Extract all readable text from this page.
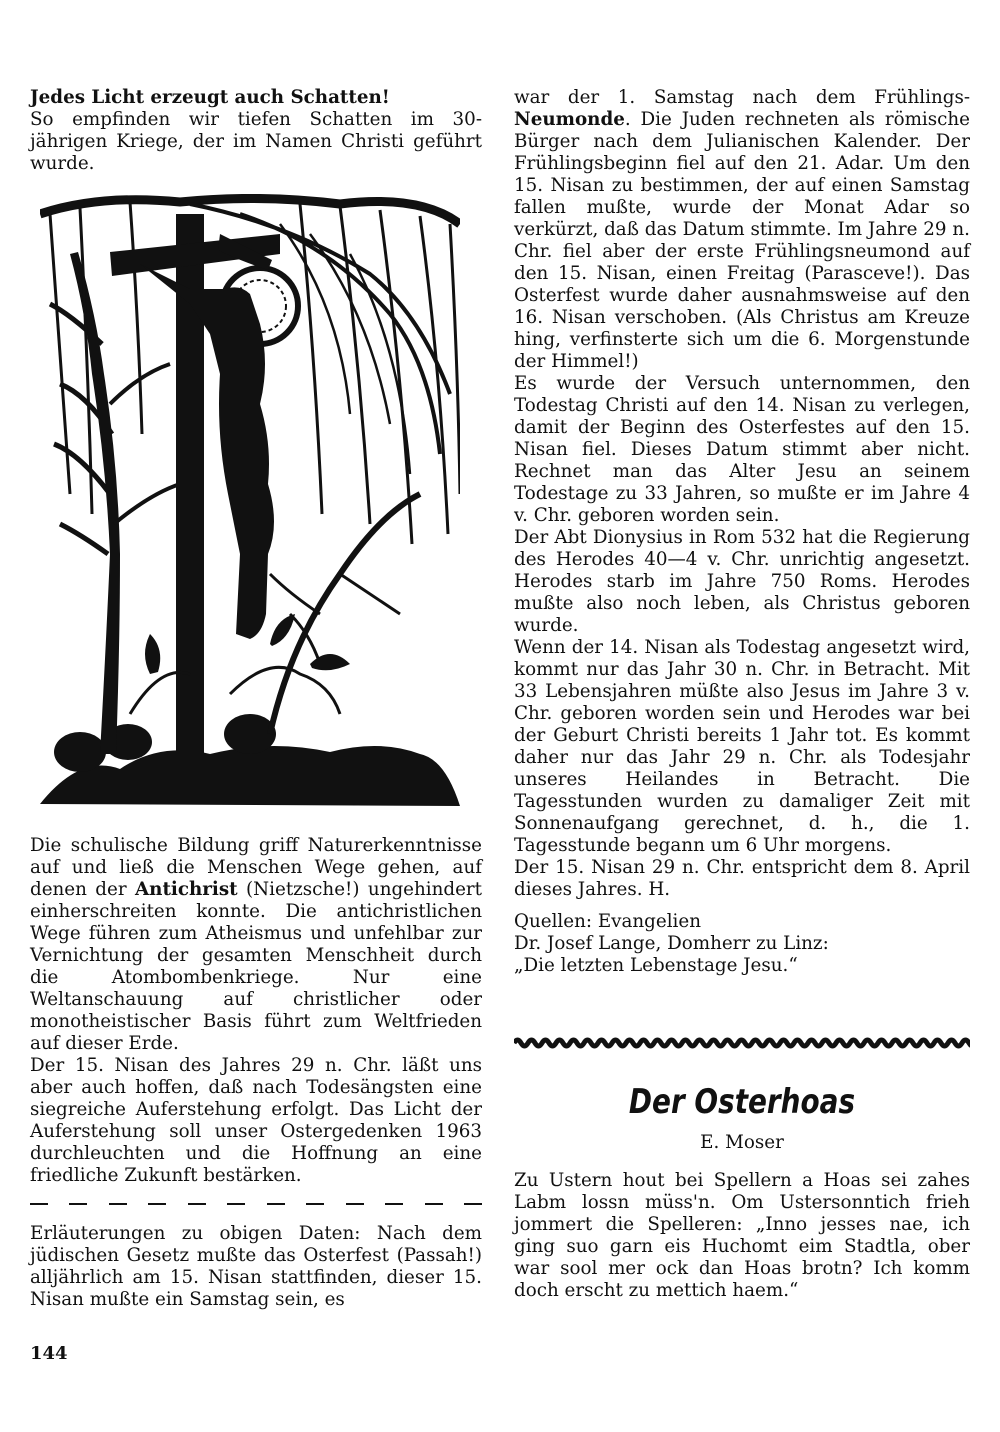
Jedes Licht erzeugt auch Schatten!

So empfinden wir tiefen Schatten im 30-jährigen Kriege, der im Namen Christi geführt wurde.

Die schulische Bildung griff Naturerkenntnisse auf und ließ die Menschen Wege gehen, auf denen der Antichrist (Nietzsche!) ungehindert einherschreiten konnte. Die antichristlichen Wege führen zum Atheismus und unfehlbar zur Vernichtung der gesamten Menschheit durch die Atombombenkriege. Nur eine Weltanschauung auf christlicher oder monotheistischer Basis führt zum Weltfrieden auf dieser Erde.

Der 15. Nisan des Jahres 29 n. Chr. läßt uns aber auch hoffen, daß nach Todesängsten eine siegreiche Auferstehung erfolgt. Das Licht der Auferstehung soll unser Ostergedenken 1963 durchleuchten und die Hoffnung an eine friedliche Zukunft bestärken.

Erläuterungen zu obigen Daten: Nach dem jüdischen Gesetz mußte das Osterfest (Passah!) alljährlich am 15. Nisan stattfinden, dieser 15. Nisan mußte ein Samstag sein, es

war der 1. Samstag nach dem Frühlings-Neumonde. Die Juden rechneten als römische Bürger nach dem Julianischen Kalender. Der Frühlingsbeginn fiel auf den 21. Adar. Um den 15. Nisan zu bestimmen, der auf einen Samstag fallen mußte, wurde der Monat Adar so verkürzt, daß das Datum stimmte. Im Jahre 29 n. Chr. fiel aber der erste Frühlingsneumond auf den 15. Nisan, einen Freitag (Parasceve!). Das Osterfest wurde daher ausnahmsweise auf den 16. Nisan verschoben. (Als Christus am Kreuze hing, verfinsterte sich um die 6. Morgenstunde der Himmel!)

Es wurde der Versuch unternommen, den Todestag Christi auf den 14. Nisan zu verlegen, damit der Beginn des Osterfestes auf den 15. Nisan fiel. Dieses Datum stimmt aber nicht. Rechnet man das Alter Jesu an seinem Todestage zu 33 Jahren, so mußte er im Jahre 4 v. Chr. geboren worden sein.

Der Abt Dionysius in Rom 532 hat die Regierung des Herodes 40—4 v. Chr. unrichtig angesetzt. Herodes starb im Jahre 750 Roms. Herodes mußte also noch leben, als Christus geboren wurde.

Wenn der 14. Nisan als Todestag angesetzt wird, kommt nur das Jahr 30 n. Chr. in Betracht. Mit 33 Lebensjahren müßte also Jesus im Jahre 3 v. Chr. geboren worden sein und Herodes war bei der Geburt Christi bereits 1 Jahr tot. Es kommt daher nur das Jahr 29 n. Chr. als Todesjahr unseres Heilandes in Betracht. Die Tagesstunden wurden zu damaliger Zeit mit Sonnenaufgang gerechnet, d. h., die 1. Tagesstunde begann um 6 Uhr morgens.

Der 15. Nisan 29 n. Chr. entspricht dem 8. April dieses Jahres. H.

Quellen: Evangelien

Dr. Josef Lange, Domherr zu Linz:

„Die letzten Lebenstage Jesu.“

Der Osterhoas
E. Moser

Zu Ustern hout bei Spellern a Hoas sei zahes Labm lossn müss'n. Om Ustersonntich frieh jommert die Spelleren: „Inno jesses nae, ich ging suo garn eis Huchomt eim Stadtla, ober war sool mer ock dan Hoas brotn? Ich komm doch erscht zu mettich haem.“

144
